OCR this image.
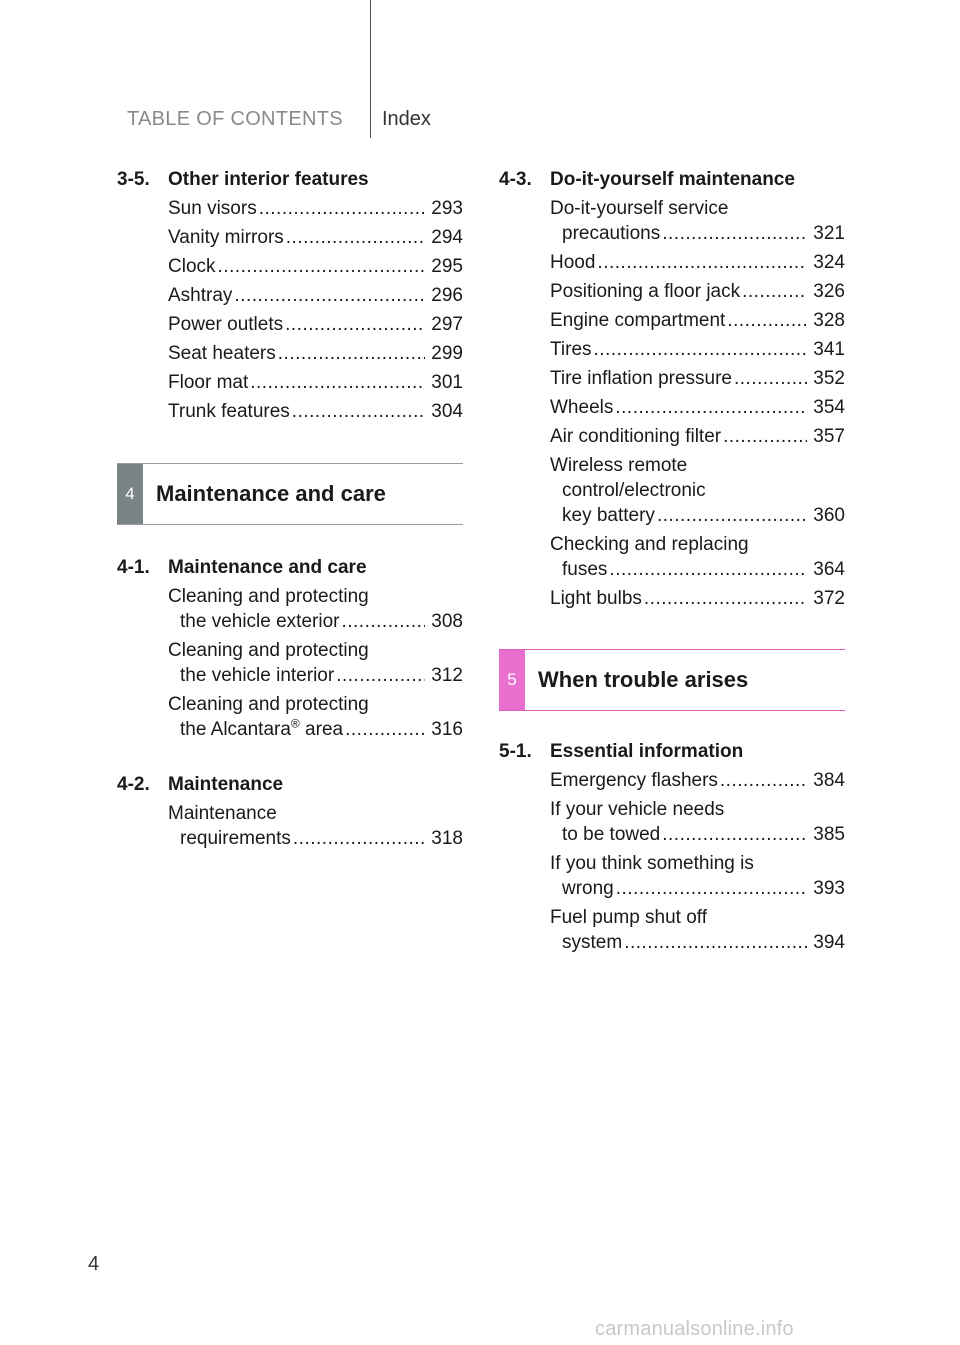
TABLE OF CONTENTS Index
3-5. Other interior features
Sun visors .....	293
Vanity mirrors .....	294
Clock .....	295
Ashtray .....	296
Power outlets .....	297
Seat heaters .....	299
Floor mat .....	301
Trunk features .....	304
4 Maintenance and care
4-1. Maintenance and care
Cleaning and protecting
the vehicle exterior .....	308
Cleaning and protecting
the vehicle interior .....	312
Cleaning and protecting
the Alcantara® area .....	316
4-2. Maintenance
Maintenance
requirements .....	318
4-3. Do-it-yourself maintenance
Do-it-yourself service
precautions .....	321
Hood .....	324
Positioning a floor jack .....	326
Engine compartment .....	328
Tires .....	341
Tire inflation pressure .....	352
Wheels .....	354
Air conditioning filter .....	357
Wireless remote
control/electronic
key battery .....	360
Checking and replacing
fuses .....	364
Light bulbs .....	372
5 When trouble arises
5-1. Essential information
Emergency flashers .....	384
If your vehicle needs
to be towed .....	385
If you think something is
wrong .....	393
Fuel pump shut off
system .....	394
4
carmanualsonline.info
